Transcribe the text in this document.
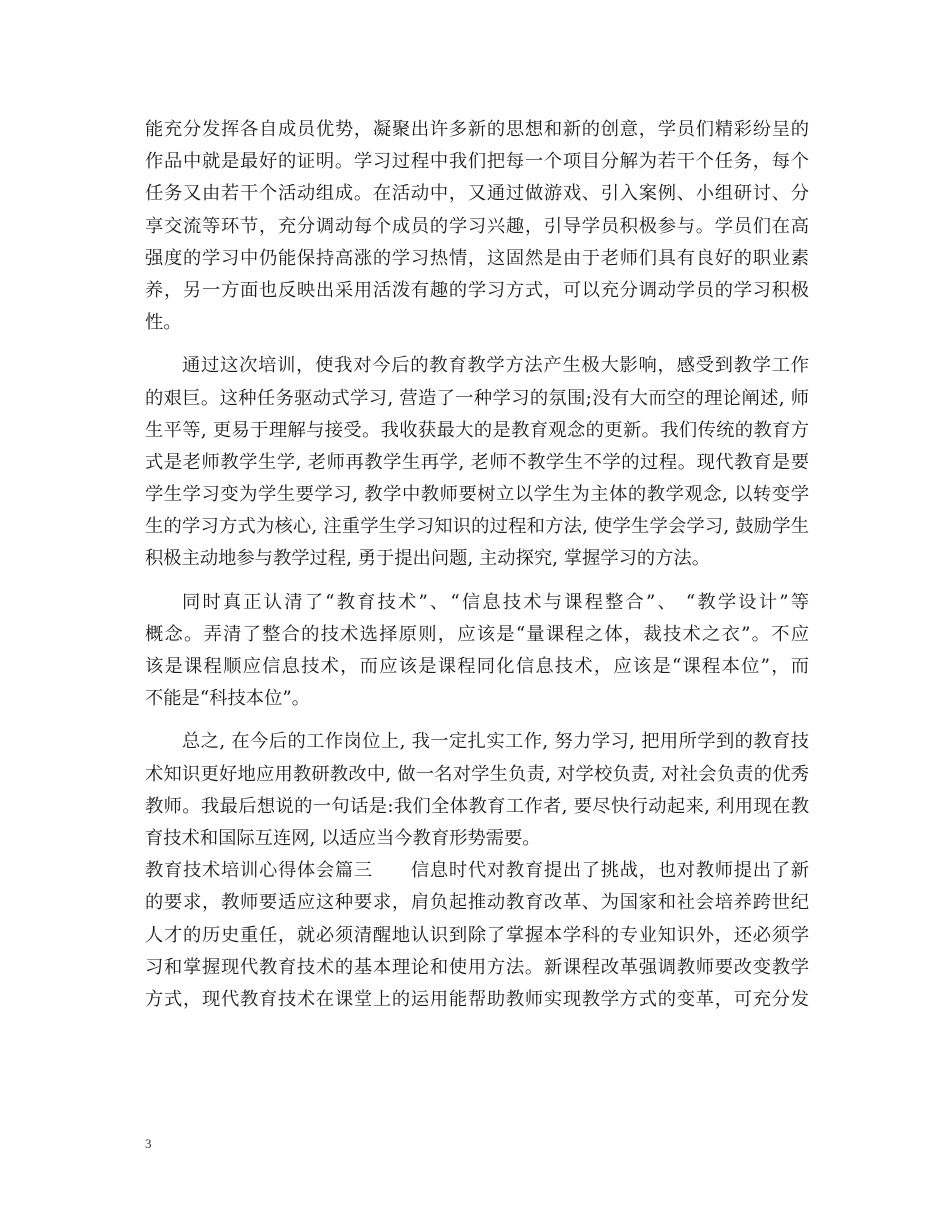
能充分发挥各自成员优势，凝聚出许多新的思想和新的创意，学员们精彩纷呈的
作品中就是最好的证明。学习过程中我们把每一个项目分解为若干个任务，每个
任务又由若干个活动组成。在活动中，又通过做游戏、引入案例、小组研讨、分
享交流等环节，充分调动每个成员的学习兴趣，引导学员积极参与。学员们在高
强度的学习中仍能保持高涨的学习热情，这固然是由于老师们具有良好的职业素
养，另一方面也反映出采用活泼有趣的学习方式，可以充分调动学员的学习积极
性。
通过这次培训，使我对今后的教育教学方法产生极大影响，感受到教学工作
的艰巨。这种任务驱动式学习, 营造了一种学习的氛围;没有大而空的理论阐述, 师
生平等, 更易于理解与接受。我收获最大的是教育观念的更新。我们传统的教育方
式是老师教学生学, 老师再教学生再学, 老师不教学生不学的过程。现代教育是要
学生学习变为学生要学习, 教学中教师要树立以学生为主体的教学观念, 以转变学
生的学习方式为核心, 注重学生学习知识的过程和方法, 使学生学会学习, 鼓励学生
积极主动地参与教学过程, 勇于提出问题, 主动探究, 掌握学习的方法。
同时真正认清了“教育技术”、“信息技术与课程整合”、 “教学设计”等
概念。弄清了整合的技术选择原则，应该是“量课程之体，裁技术之衣”。不应
该是课程顺应信息技术，而应该是课程同化信息技术，应该是“课程本位”，而
不能是“科技本位”。
总之, 在今后的工作岗位上, 我一定扎实工作, 努力学习, 把用所学到的教育技
术知识更好地应用教研教改中, 做一名对学生负责, 对学校负责, 对社会负责的优秀
教师。我最后想说的一句话是:我们全体教育工作者, 要尽快行动起来, 利用现在教
育技术和国际互连网, 以适应当今教育形势需要。
教育技术培训心得体会篇三　　信息时代对教育提出了挑战，也对教师提出了新
的要求，教师要适应这种要求，肩负起推动教育改革、为国家和社会培养跨世纪
人才的历史重任，就必须清醒地认识到除了掌握本学科的专业知识外，还必须学
习和掌握现代教育技术的基本理论和使用方法。新课程改革强调教师要改变教学
方式，现代教育技术在课堂上的运用能帮助教师实现教学方式的变革，可充分发
3
